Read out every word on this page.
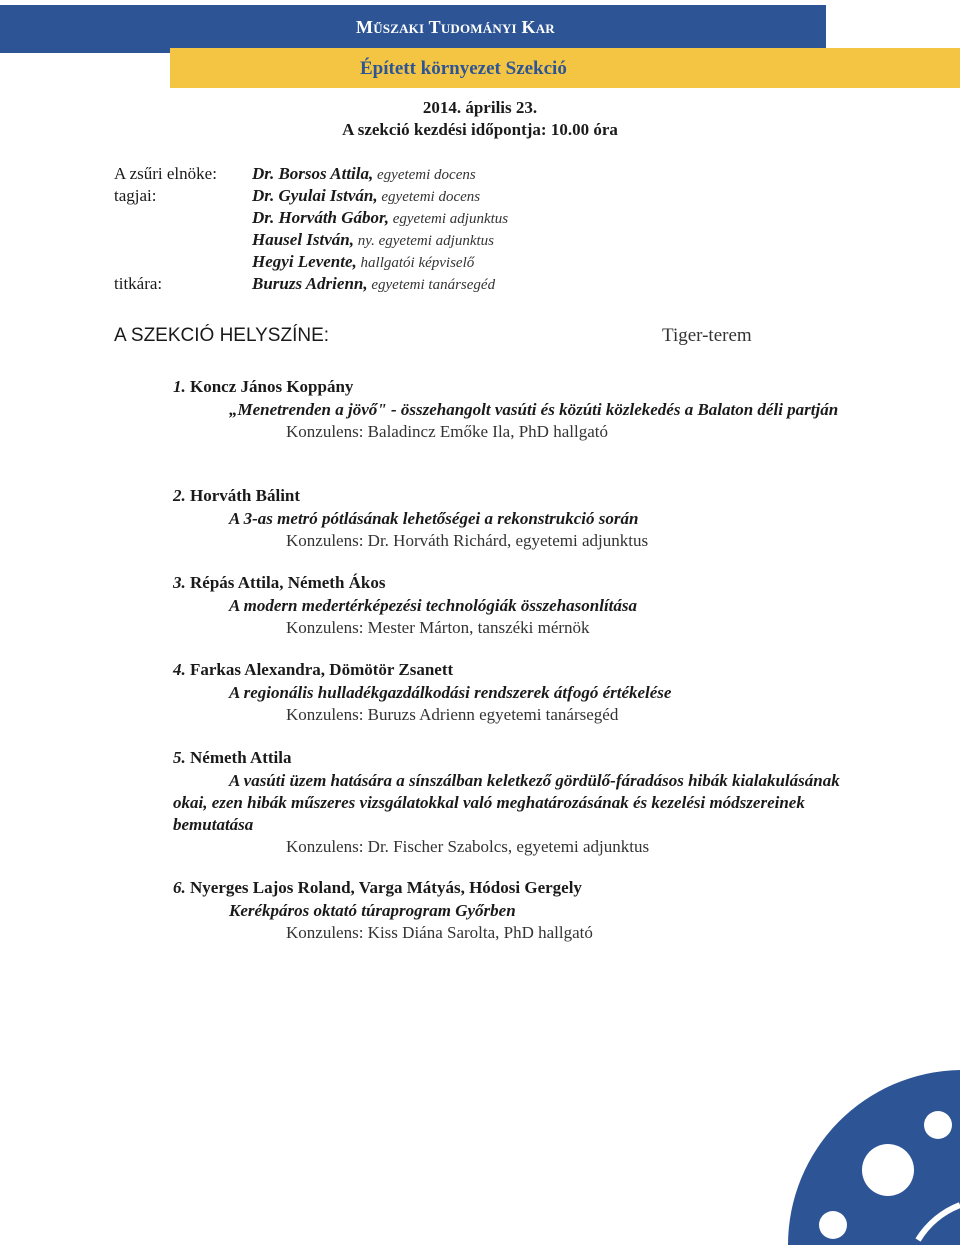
Műszaki Tudományi Kar
Épített környezet Szekció
2014. április 23.
A szekció kezdési időpontja: 10.00 óra
A zsűri elnöke:
tagjai:
titkára:
Dr. Borsos Attila, egyetemi docens
Dr. Gyulai István, egyetemi docens
Dr. Horváth Gábor, egyetemi adjunktus
Hausel István, ny. egyetemi adjunktus
Hegyi Levente, hallgatói képviselő
Buruzs Adrienn, egyetemi tanársegéd
A SZEKCIÓ HELYSZÍNE:	Tiger-terem
1. Koncz János Koppány
„Menetrenden a jövő" - összehangolt vasúti és közúti közlekedés a Balaton déli partján
Konzulens: Baladincz Emőke Ila, PhD hallgató
2. Horváth Bálint
A 3-as metró pótlásának lehetőségei a rekonstrukció során
Konzulens: Dr. Horváth Richárd, egyetemi adjunktus
3. Répás Attila, Németh Ákos
A modern medertérképezési technológiák összehasonlítása
Konzulens: Mester Márton, tanszéki mérnök
4. Farkas Alexandra, Dömötör Zsanett
A regionális hulladékgazdálkodási rendszerek átfogó értékelése
Konzulens: Buruzs Adrienn egyetemi tanársegéd
5. Németh Attila
A vasúti üzem hatására a sínszálban keletkező gördülő-fáradásos hibák kialakulásának okai, ezen hibák műszeres vizsgálatokkal való meghatározásának és kezelési módszereinek bemutatása
Konzulens: Dr. Fischer Szabolcs, egyetemi adjunktus
6. Nyerges Lajos Roland, Varga Mátyás, Hódosi Gergely
Kerékpáros oktató túraprogram Győrben
Konzulens: Kiss Diána Sarolta, PhD hallgató
